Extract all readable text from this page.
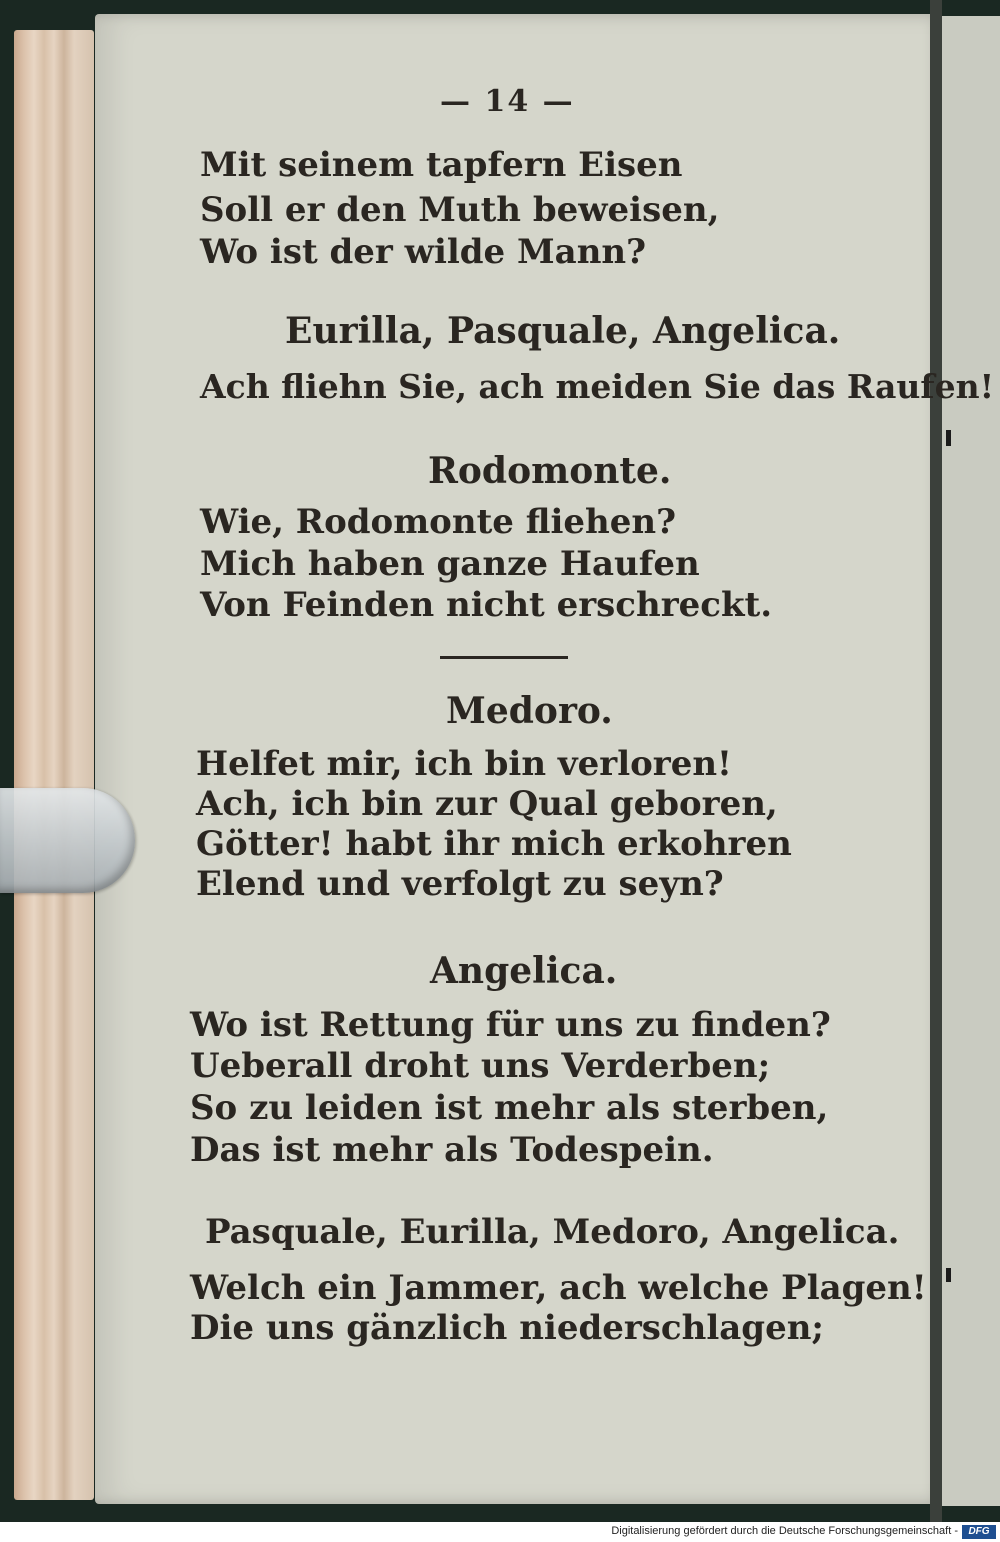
— 14 —
Mit seinem tapfern Eisen
Soll er den Muth beweisen,
Wo ist der wilde Mann?
Eurilla, Pasquale, Angelica.
Ach fliehn Sie, ach meiden Sie das Raufen!
Rodomonte.
Wie, Rodomonte fliehen?
Mich haben ganze Haufen
Von Feinden nicht erschreckt.
Medoro.
Helfet mir, ich bin verloren!
Ach, ich bin zur Qual geboren,
Götter! habt ihr mich erkohren
Elend und verfolgt zu seyn?
Angelica.
Wo ist Rettung für uns zu finden?
Ueberall droht uns Verderben;
So zu leiden ist mehr als sterben,
Das ist mehr als Todespein.
Pasquale, Eurilla, Medoro, Angelica.
Welch ein Jammer, ach welche Plagen!
Die uns gänzlich niederschlagen;
Digitalisierung gefördert durch die Deutsche Forschungsgemeinschaft -	DFG
